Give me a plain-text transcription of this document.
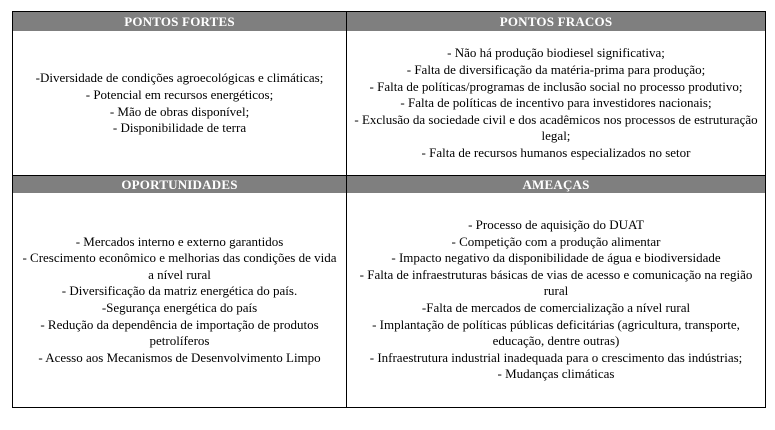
PONTOS FORTES	PONTOS FRACOS
-Diversidade de condições agroecológicas e climáticas;
- Potencial em recursos energéticos;
- Mão de obras disponível;
- Disponibilidade de terra
- Não há produção biodiesel significativa;
- Falta de diversificação da matéria-prima para produção;
- Falta de políticas/programas de inclusão social no processo produtivo;
- Falta de políticas de incentivo para investidores nacionais;
- Exclusão da sociedade civil e dos acadêmicos nos processos de estruturação legal;
- Falta de recursos humanos especializados no setor
OPORTUNIDADES	AMEAÇAS
- Mercados interno e externo garantidos
- Crescimento econômico e melhorias das condições de vida a nível rural
- Diversificação da matriz energética do país.
-Segurança energética do país
- Redução da dependência de importação de produtos petrolíferos
- Acesso aos Mecanismos de Desenvolvimento Limpo
- Processo de aquisição do DUAT
- Competição com a produção alimentar
- Impacto negativo da disponibilidade de água e biodiversidade
- Falta de infraestruturas básicas de vias de acesso e comunicação na região rural
-Falta de mercados de comercialização a nível rural
- Implantação de políticas públicas deficitárias (agricultura, transporte, educação, dentre outras)
- Infraestrutura industrial inadequada para o crescimento das indústrias;
- Mudanças climáticas
